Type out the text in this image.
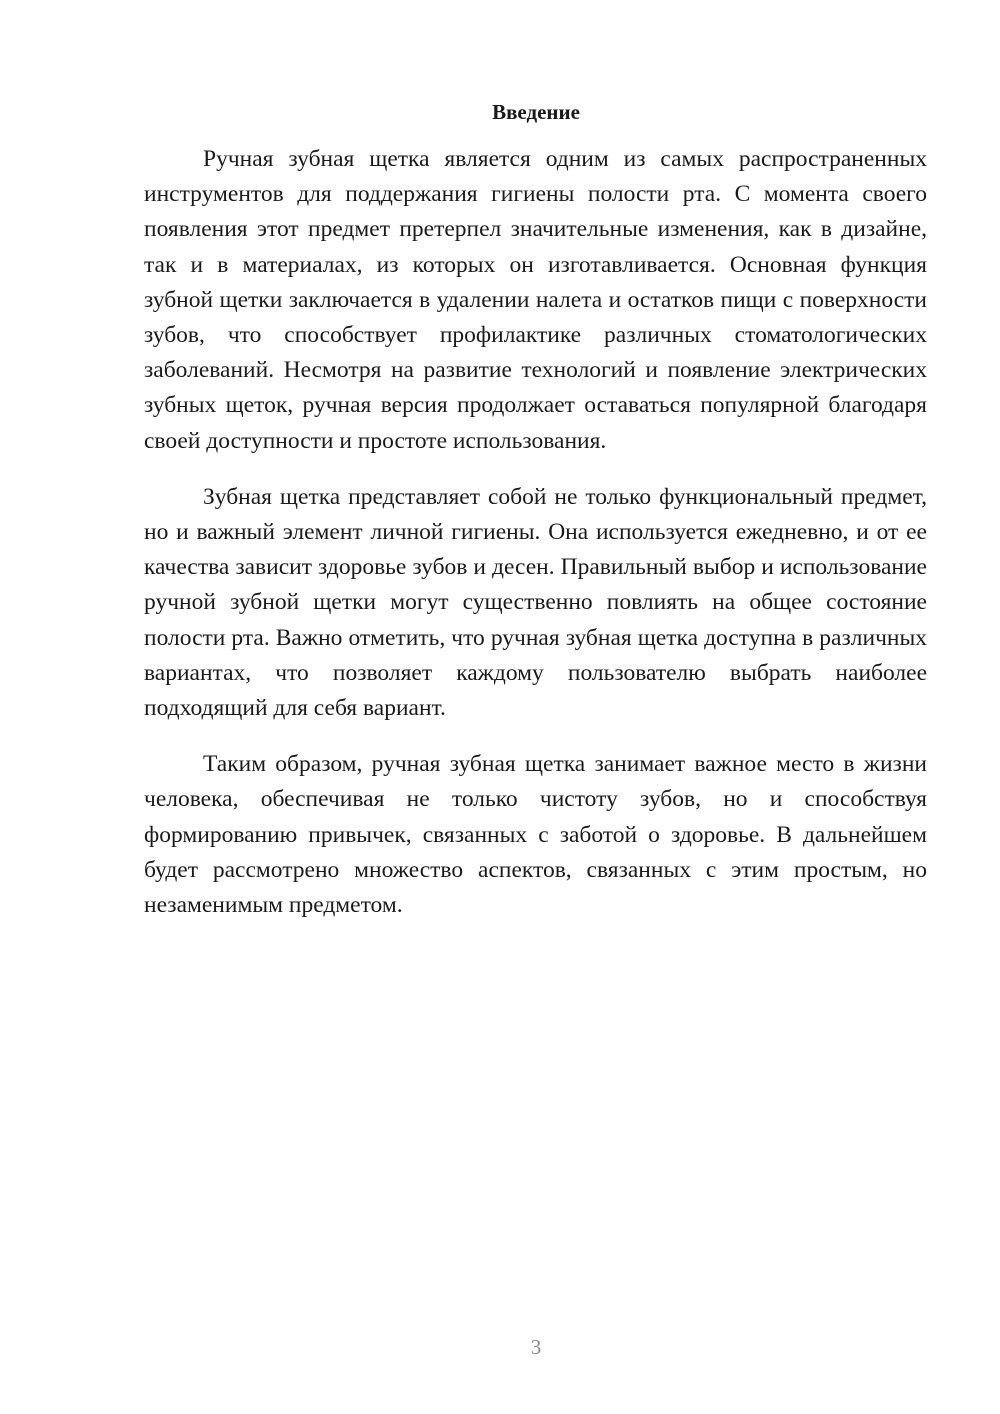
Введение

Ручная зубная щетка является одним из самых распространенных инструментов для поддержания гигиены полости рта. С момента своего появления этот предмет претерпел значительные изменения, как в дизайне, так и в материалах, из которых он изготавливается. Основная функция зубной щетки заключается в удалении налета и остатков пищи с поверхности зубов, что способствует профилактике различных стоматологических заболеваний. Несмотря на развитие технологий и появление электрических зубных щеток, ручная версия продолжает оставаться популярной благодаря своей доступности и простоте использования.

Зубная щетка представляет собой не только функциональный предмет, но и важный элемент личной гигиены. Она используется ежедневно, и от ее качества зависит здоровье зубов и десен. Правильный выбор и использование ручной зубной щетки могут существенно повлиять на общее состояние полости рта. Важно отметить, что ручная зубная щетка доступна в различных вариантах, что позволяет каждому пользователю выбрать наиболее подходящий для себя вариант.

Таким образом, ручная зубная щетка занимает важное место в жизни человека, обеспечивая не только чистоту зубов, но и способствуя формированию привычек, связанных с заботой о здоровье. В дальнейшем будет рассмотрено множество аспектов, связанных с этим простым, но незаменимым предметом.

3
